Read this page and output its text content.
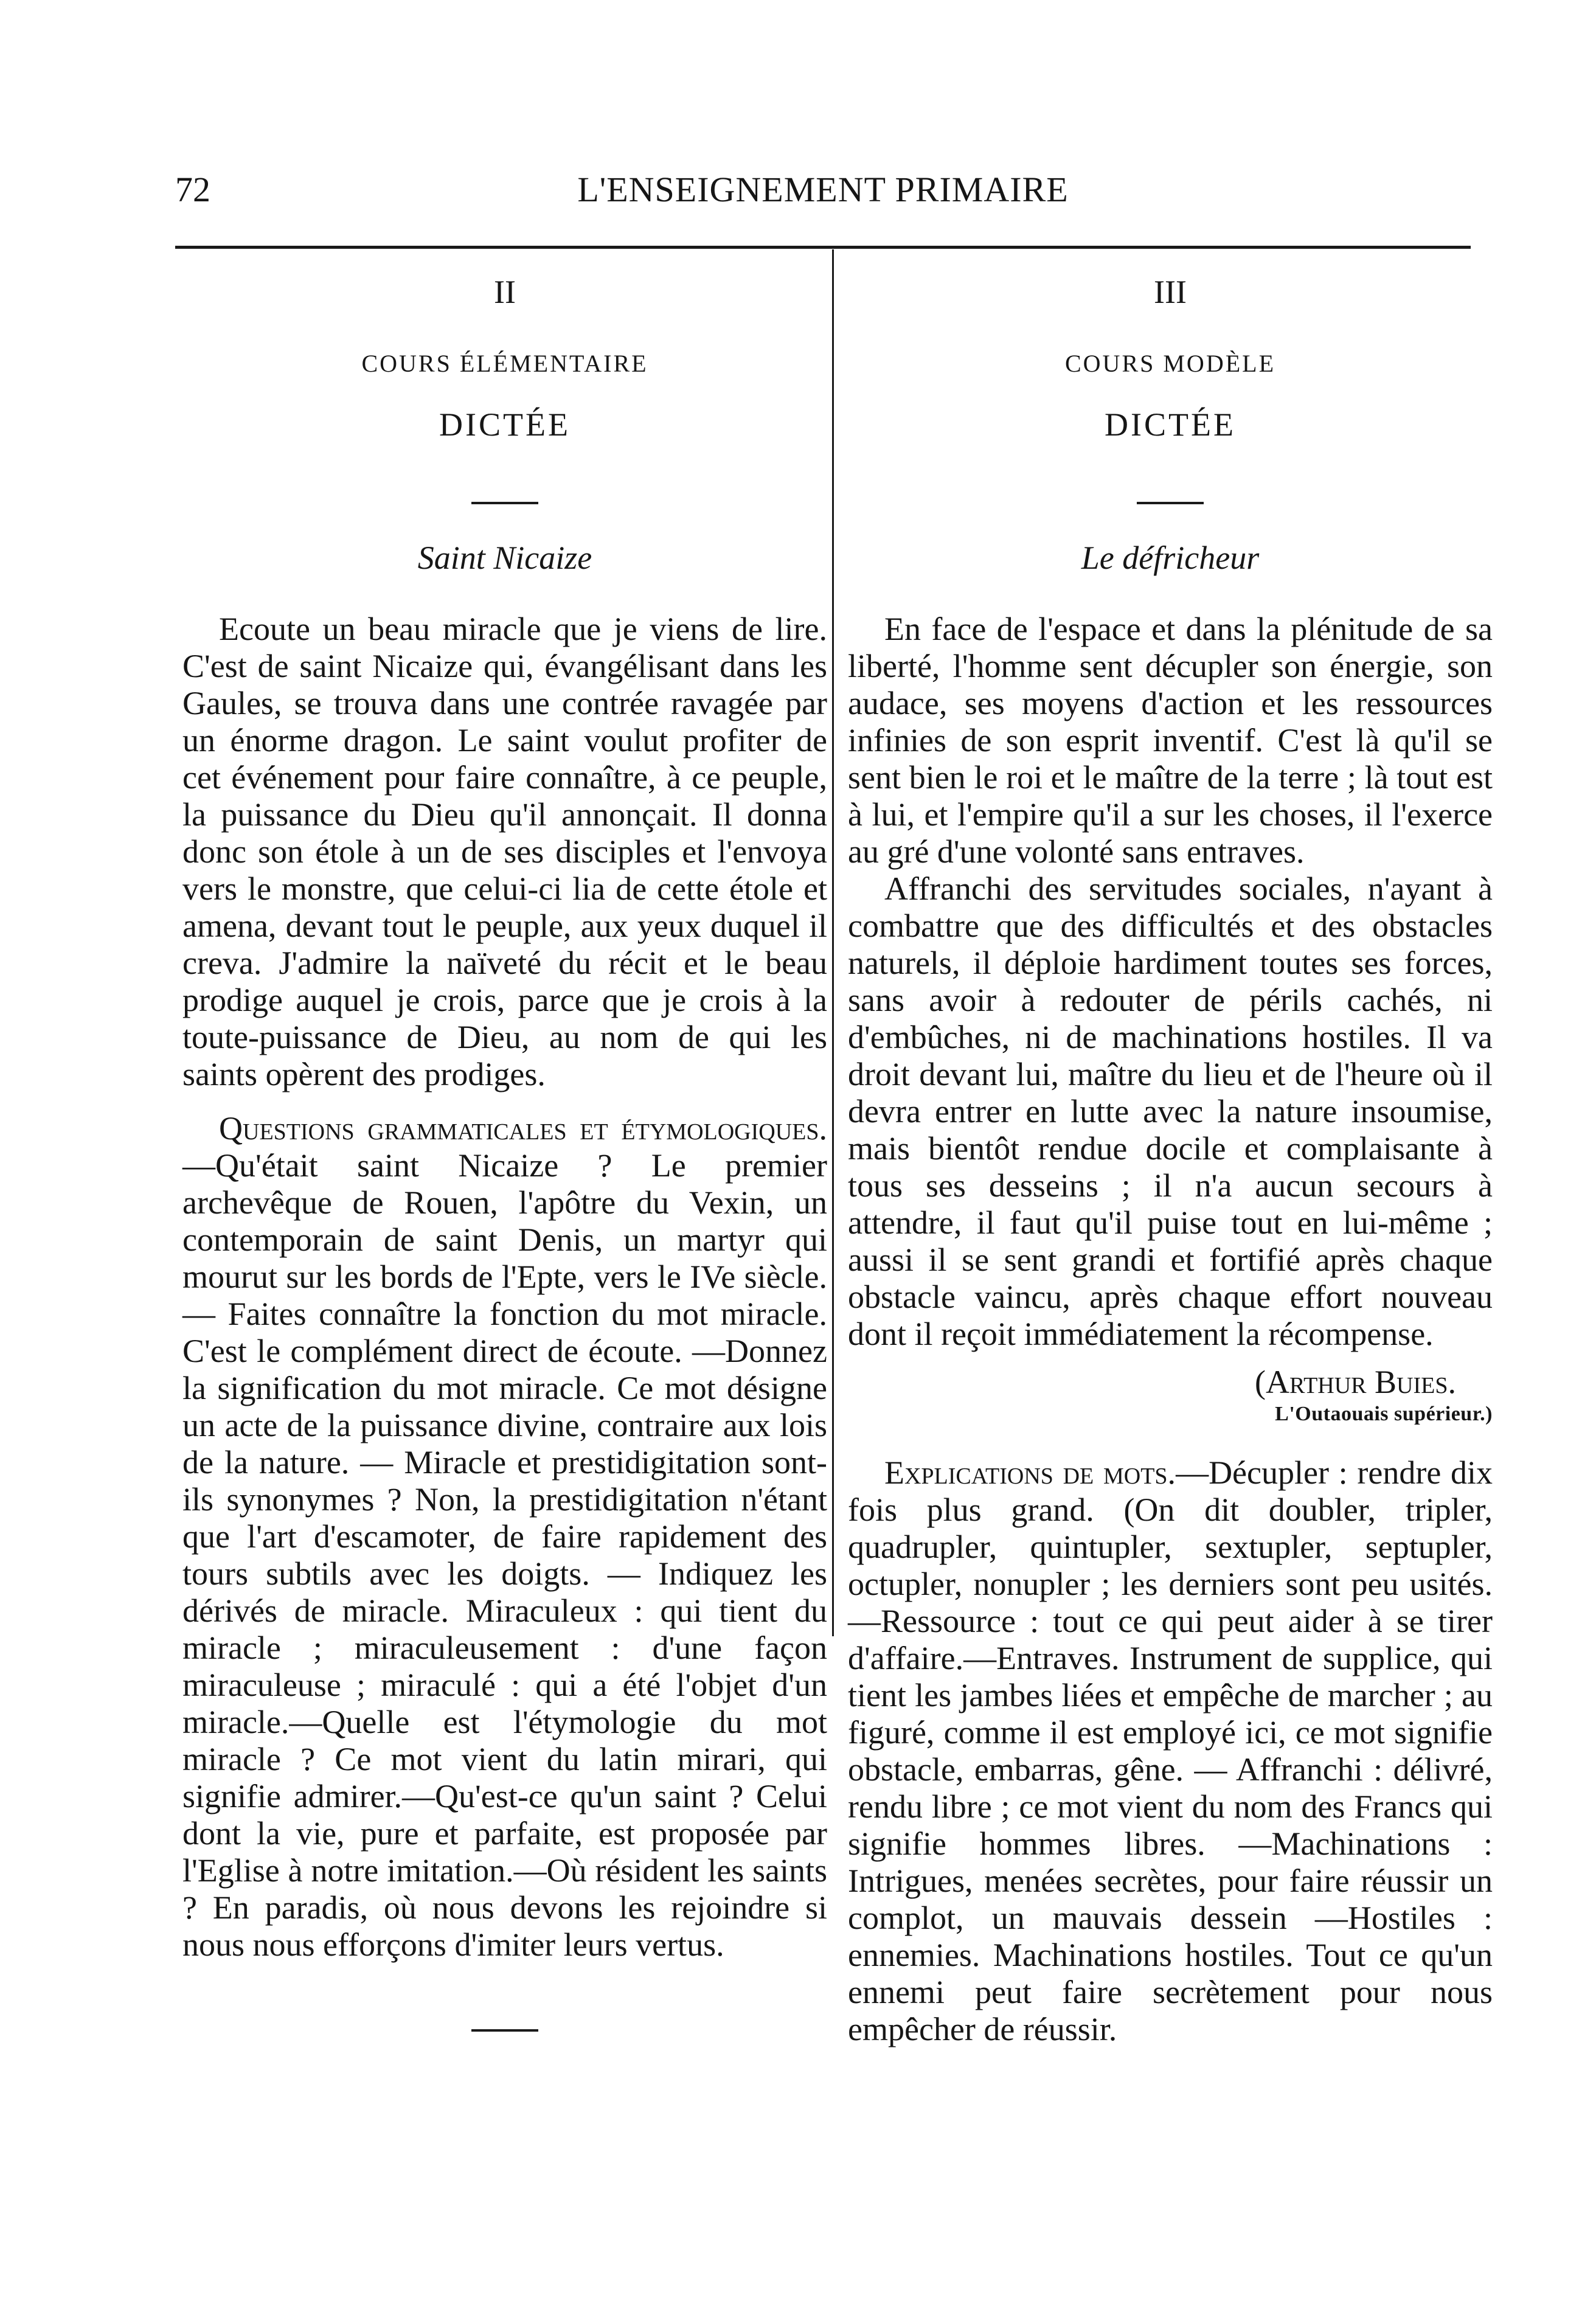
72	L'ENSEIGNEMENT PRIMAIRE
II
COURS ÉLÉMENTAIRE
DICTÉE
Saint Nicaize

Ecoute un beau miracle que je viens de lire. C'est de saint Nicaize qui, évangélisant dans les Gaules, se trouva dans une contrée ravagée par un énorme dragon. Le saint voulut profiter de cet événement pour faire connaître, à ce peuple, la puissance du Dieu qu'il annonçait. Il donna donc son étole à un de ses disciples et l'envoya vers le monstre, que celui-ci lia de cette étole et amena, devant tout le peuple, aux yeux duquel il creva. J'admire la naïveté du récit et le beau prodige auquel je crois, parce que je crois à la toute-puissance de Dieu, au nom de qui les saints opèrent des prodiges.

Questions grammaticales et étymologiques.—Qu'était saint Nicaize ? Le premier archevêque de Rouen, l'apôtre du Vexin, un contemporain de saint Denis, un martyr qui mourut sur les bords de l'Epte, vers le IVe siècle.— Faites connaître la fonction du mot miracle. C'est le complément direct de écoute. —Donnez la signification du mot miracle. Ce mot désigne un acte de la puissance divine, contraire aux lois de la nature. — Miracle et prestidigitation sont-ils synonymes ? Non, la prestidigitation n'étant que l'art d'escamoter, de faire rapidement des tours subtils avec les doigts. — Indiquez les dérivés de miracle. Miraculeux : qui tient du miracle ; miraculeusement : d'une façon miraculeuse ; miraculé : qui a été l'objet d'un miracle.—Quelle est l'étymologie du mot miracle ? Ce mot vient du latin mirari, qui signifie admirer.—Qu'est-ce qu'un saint ? Celui dont la vie, pure et parfaite, est proposée par l'Eglise à notre imitation.—Où résident les saints ? En paradis, où nous devons les rejoindre si nous nous efforçons d'imiter leurs vertus.

III
COURS MODÈLE
DICTÉE
Le défricheur

En face de l'espace et dans la plénitude de sa liberté, l'homme sent décupler son énergie, son audace, ses moyens d'action et les ressources infinies de son esprit inventif. C'est là qu'il se sent bien le roi et le maître de la terre ; là tout est à lui, et l'empire qu'il a sur les choses, il l'exerce au gré d'une volonté sans entraves.

Affranchi des servitudes sociales, n'ayant à combattre que des difficultés et des obstacles naturels, il déploie hardiment toutes ses forces, sans avoir à redouter de périls cachés, ni d'embûches, ni de machinations hostiles. Il va droit devant lui, maître du lieu et de l'heure où il devra entrer en lutte avec la nature insoumise, mais bientôt rendue docile et complaisante à tous ses desseins ; il n'a aucun secours à attendre, il faut qu'il puise tout en lui-même ; aussi il se sent grandi et fortifié après chaque obstacle vaincu, après chaque effort nouveau dont il reçoit immédiatement la récompense.

(Arthur Buies.
L'Outaouais supérieur.)

Explications de mots.—Décupler : rendre dix fois plus grand. (On dit doubler, tripler, quadrupler, quintupler, sextupler, septupler, octupler, nonupler ; les derniers sont peu usités.—Ressource : tout ce qui peut aider à se tirer d'affaire.—Entraves. Instrument de supplice, qui tient les jambes liées et empêche de marcher ; au figuré, comme il est employé ici, ce mot signifie obstacle, embarras, gêne. — Affranchi : délivré, rendu libre ; ce mot vient du nom des Francs qui signifie hommes libres. —Machinations : Intrigues, menées secrètes, pour faire réussir un complot, un mauvais dessein —Hostiles : ennemies. Machinations hostiles. Tout ce qu'un ennemi peut faire secrètement pour nous empêcher de réussir.
